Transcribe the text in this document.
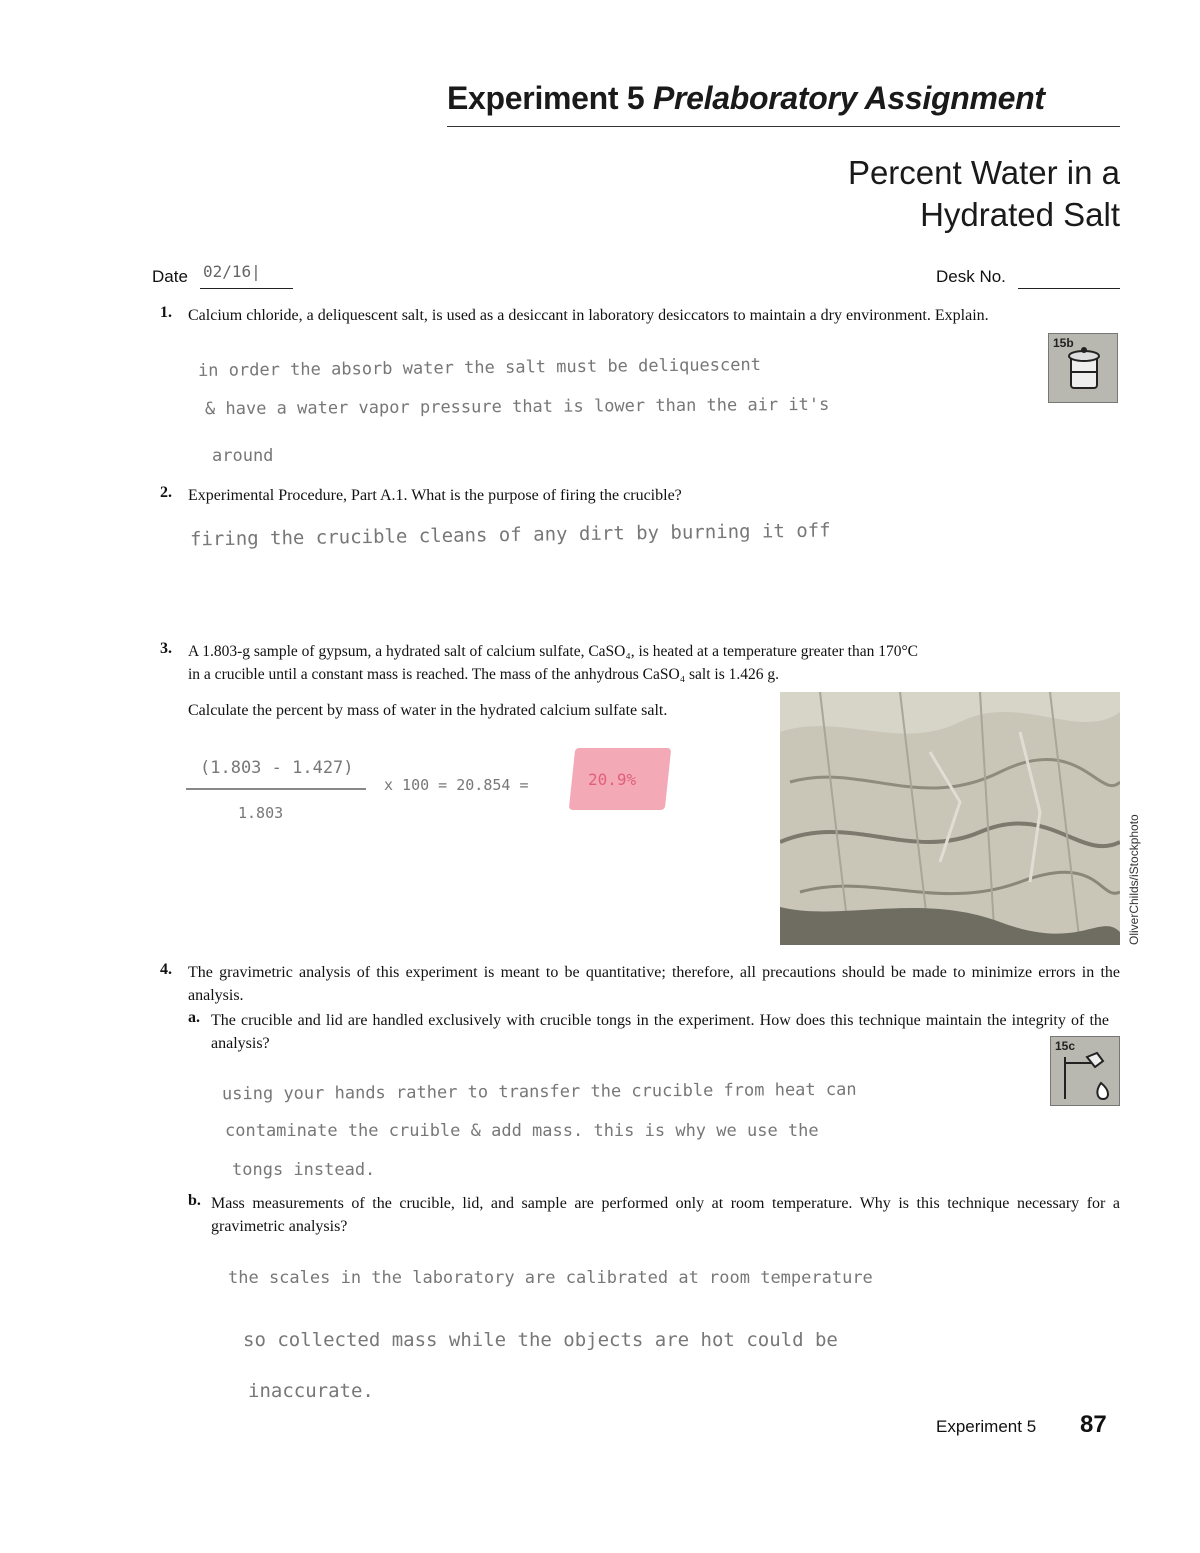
Experiment 5 Prelaboratory Assignment
Percent Water in a
Hydrated Salt
Date 02/16|	Desk No.
1. Calcium chloride, a deliquescent salt, is used as a desiccant in laboratory desiccators to maintain a dry environment. Explain.
15b
in order the absorb water the salt must be deliquescent
& have a water vapor pressure that is lower than the air it's
around
2. Experimental Procedure, Part A.1. What is the purpose of firing the crucible?
firing the crucible cleans of any dirt by burning it off
3. A 1.803-g sample of gypsum, a hydrated salt of calcium sulfate, CaSO₄, is heated at a temperature greater than 170°C
in a crucible until a constant mass is reached. The mass of the anhydrous CaSO₄ salt is 1.426 g.
Calculate the percent by mass of water in the hydrated calcium sulfate salt.
(1.803 - 1.427)
1.803
x 100 = 20.854 =	20.9%
OliverChilds/iStockphoto
4. The gravimetric analysis of this experiment is meant to be quantitative; therefore, all precautions should be made to minimize errors in the analysis.
a. The crucible and lid are handled exclusively with crucible tongs in the experiment. How does this technique maintain the integrity of the analysis?	15c
using your hands rather to transfer the crucible from heat can
contaminate the cruible & add mass. this is why we use the
tongs instead.
b. Mass measurements of the crucible, lid, and sample are performed only at room temperature. Why is this technique necessary for a gravimetric analysis?
the scales in the laboratory are calibrated at room temperature
so collected mass while the objects are hot could be
inaccurate.
Experiment 5 87
